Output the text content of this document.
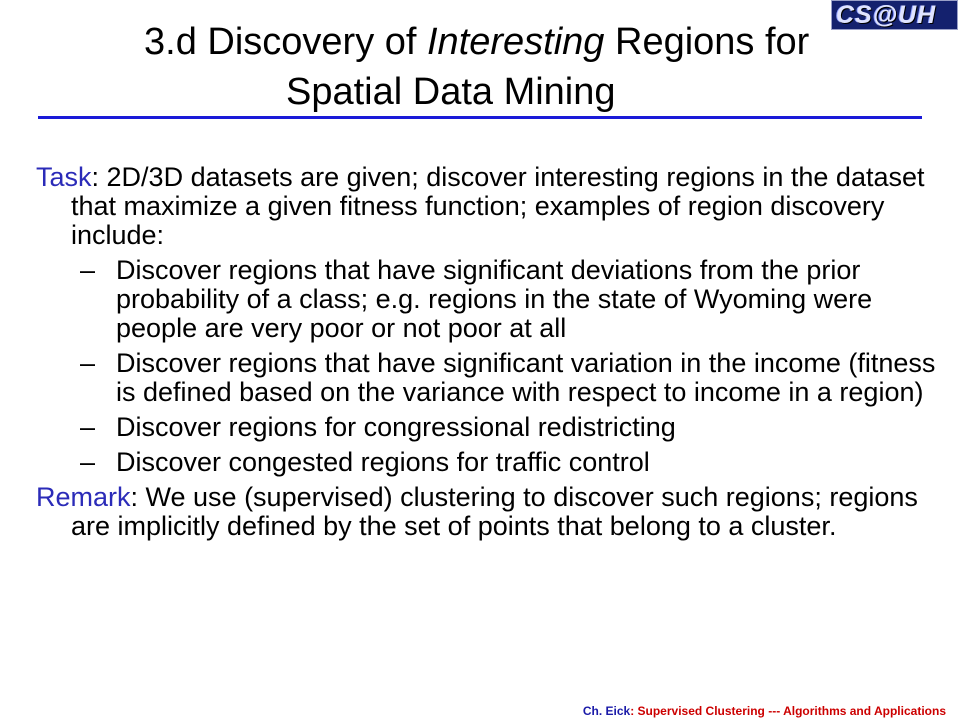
CS@UH
3.d Discovery of Interesting Regions for
Spatial Data Mining

Task: 2D/3D datasets are given; discover interesting regions in the dataset that maximize a given fitness function; examples of region discovery include:

– Discover regions that have significant deviations from the prior probability of a class; e.g. regions in the state of Wyoming were people are very poor or not poor at all
– Discover regions that have significant variation in the income (fitness is defined based on the variance with respect to income in a region)
– Discover regions for congressional redistricting
– Discover congested regions for traffic control

Remark: We use (supervised) clustering to discover such regions; regions are implicitly defined by the set of points that belong to a cluster.

Ch. Eick: Supervised Clustering --- Algorithms and Applications
